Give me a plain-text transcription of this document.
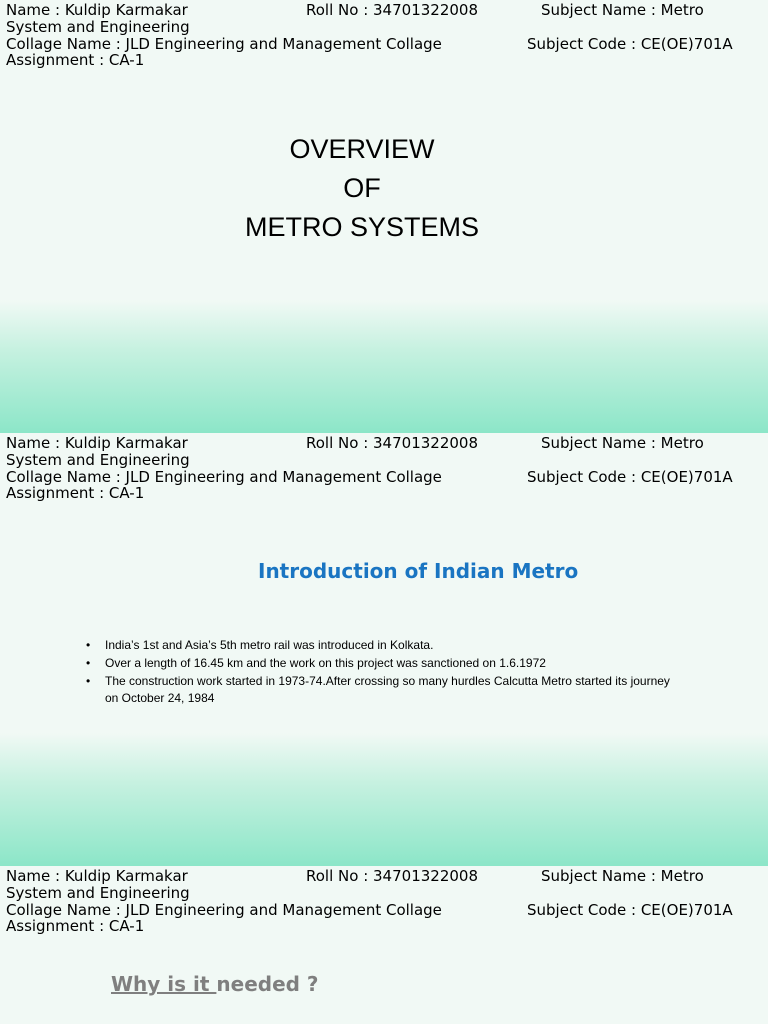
Name : Kuldip Karmakar	Roll No : 34701322008	Subject Name : Metro
System and Engineering
Collage Name : JLD Engineering and Management Collage	Subject Code : CE(OE)701A
Assignment : CA-1
OVERVIEW
OF
METRO SYSTEMS
Name : Kuldip Karmakar	Roll No : 34701322008	Subject Name : Metro
System and Engineering
Collage Name : JLD Engineering and Management Collage	Subject Code : CE(OE)701A
Assignment : CA-1
Introduction of Indian Metro
• India’s 1st and Asia’s 5th metro rail was introduced in Kolkata.
• Over a length of 16.45 km and the work on this project was sanctioned on 1.6.1972
• The construction work started in 1973-74.After crossing so many hurdles Calcutta Metro started its journey on October 24, 1984
Name : Kuldip Karmakar	Roll No : 34701322008	Subject Name : Metro
System and Engineering
Collage Name : JLD Engineering and Management Collage	Subject Code : CE(OE)701A
Assignment : CA-1
Why is it needed ?
